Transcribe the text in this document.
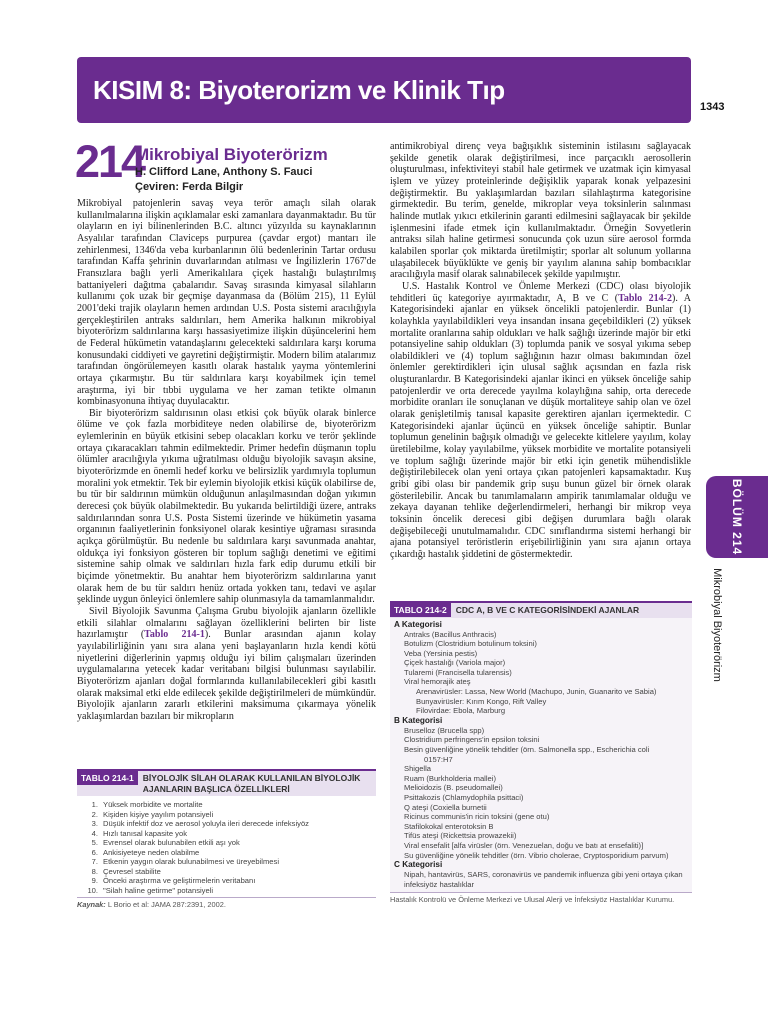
KISIM 8: Biyoterorizm ve Klinik Tıp
1343
BÖLÜM 214
Mikrobiyal Biyoterörizm
214
Mikrobiyal Biyoterörizm
H. Clifford Lane, Anthony S. Fauci
Çeviren: Ferda Bilgir

Mikrobiyal patojenlerin savaş veya terör amaçlı silah olarak kullanılmalarına ilişkin açıklamalar eski zamanlara dayanmaktadır. Bu tür olayların en iyi bilinenlerinden B.C. altıncı yüzyılda su kaynaklarının Asyalılar tarafından Claviceps purpurea (çavdar ergot) mantarı ile zehirlenmesi, 1346'da veba kurbanlarının ölü bedenlerinin Tartar ordusu tarafından Kaffa şehrinin duvarlarından atılması ve İngilizlerin 1767'de Fransızlara bağlı yerli Amerikalılara çiçek hastalığı bulaştırılmış battaniyeleri dağıtma çabalarıdır. Savaş sırasında kimyasal silahların kullanımı çok uzak bir geçmişe dayanmasa da (Bölüm 215), 11 Eylül 2001'deki trajik olayların hemen ardından U.S. Posta sistemi aracılığıyla gerçekleştirilen antraks saldırıları, hem Amerika halkının mikrobiyal biyoterörizm saldırılarına karşı hassasiyetimize ilişkin düşüncelerini hem de Federal hükümetin vatandaşlarını gelecekteki saldırılara karşı koruma konusundaki ciddiyeti ve gayretini değiştirmiştir. Modern bilim atalarımız tarafından öngörülemeyen kasıtlı olarak hastalık yayma yöntemlerini ortaya çıkarmıştır. Bu tür saldırılara karşı koyabilmek için temel araştırma, iyi bir tıbbi uygulama ve her zaman tetikte olmanın kombinasyonuna ihtiyaç duyulacaktır.

Bir biyoterörizm saldırısının olası etkisi çok büyük olarak binlerce ölüme ve çok fazla morbiditeye neden olabilirse de, biyoterörizm eylemlerinin en büyük etkisini sebep olacakları korku ve terör şeklinde ortaya çıkaracakları tahmin edilmektedir. Primer hedefin düşmanın toplu ölümler aracılığıyla yıkıma uğratılması olduğu biyolojik savaşın aksine, biyoterörizmde en önemli hedef korku ve belirsizlik yardımıyla toplumun moralini yok etmektir. Tek bir eylemin biyolojik etkisi küçük olabilirse de, bu tür bir saldırının mümkün olduğunun anlaşılmasından doğan yıkımın derecesi çok büyük olabilmektedir. Bu yukarıda belirtildiği üzere, antraks saldırılarından sonra U.S. Posta Sistemi üzerinde ve hükümetin yasama organının faaliyetlerinin fonksiyonel olarak kesintiye uğraması sırasında açıkça görülmüştür. Bu nedenle bu saldırılara karşı savunmada anahtar, oldukça iyi fonksiyon gösteren bir toplum sağlığı denetimi ve eğitimi sistemine sahip olmak ve saldırıları hızla fark edip durumu etkili bir biçimde yönetmektir. Bu anahtar hem biyoterörizm saldırılarına yanıt olarak hem de bu tür saldırı henüz ortada yokken tanı, tedavi ve aşılar şeklinde uygun önleyici önlemlere sahip olunmasıyla da tamamlanmalıdır.

Sivil Biyolojik Savunma Çalışma Grubu biyolojik ajanların özellikle etkili silahlar olmalarını sağlayan özelliklerini belirten bir liste hazırlamıştır (Tablo 214-1). Bunlar arasından ajanın kolay yayılabilirliğinin yanı sıra alana yeni başlayanların hızla kendi kötü niyetlerini diğerlerinin yapmış olduğu iyi bilim çalışmaları üzerinden uygulamalarına yetecek kadar veritabanı bilgisi bulunması sayılabilir. Biyoterörizm ajanları doğal formlarında kullanılabilecekleri gibi kasıtlı olarak maksimal etki elde edilecek şekilde değiştirilmeleri de mümkündür. Biyolojik ajanların zararlı etkilerini maksimuma çıkarmaya yönelik yaklaşımlardan bazıları bir mikropların

antimikrobiyal direnç veya bağışıklık sisteminin istilasını sağlayacak şekilde genetik olarak değiştirilmesi, ince parçacıklı aerosollerin oluşturulması, infektiviteyi stabil hale getirmek ve uzatmak için kimyasal işlem ve yüzey proteinlerinde değişiklik yaparak konak yelpazesini değiştirmektir. Bu yaklaşımlardan bazıları silahlaştırma kategorisine girmektedir. Bu terim, genelde, mikroplar veya toksinlerin salınması halinde mutlak yıkıcı etkilerinin garanti edilmesini sağlayacak bir şekilde işlenmesini ifade etmek için kullanılmaktadır. Örneğin Sovyetlerin antraksı silah haline getirmesi sonucunda çok uzun süre aerosol formda kalabilen sporlar çok miktarda üretilmiştir; sporlar alt solunum yollarına ulaşabilecek büyüklükte ve geniş bir yayılım alanına sahip bombacıklar aracılığıyla masif olarak salınabilecek şekilde yapılmıştır.

U.S. Hastalık Kontrol ve Önleme Merkezi (CDC) olası biyolojik tehditleri üç kategoriye ayırmaktadır, A, B ve C (Tablo 214-2). A Kategorisindeki ajanlar en yüksek öncelikli patojenlerdir. Bunlar (1) kolayhkla yayılabildikleri veya insandan insana geçebildikleri (2) yüksek mortalite oranlarına sahip oldukları ve halk sağlığı üzerinde majör bir etki potansiyeline sahip oldukları (3) toplumda panik ve sosyal yıkıma sebep olabildikleri ve (4) toplum sağlığının hazır olması bakımından özel önlemler gerektirdikleri için ulusal sağlık açısından en fazla risk oluşturanlardır. B Kategorisindeki ajanlar ikinci en yüksek önceliğe sahip patojenlerdir ve orta derecede yayılma kolaylığına sahip, orta derecede morbidite oranları ile sonuçlanan ve düşük mortaliteye sahip olan ve özel olarak genişletilmiş tanısal kapasite gerektiren ajanları içermektedir. C Kategorisindeki ajanlar üçüncü en yüksek önceliğe sahiptir. Bunlar toplumun genelinin bağışık olmadığı ve gelecekte kitlelere yayılım, kolay üretilebilme, kolay yayılabilme, yüksek morbidite ve mortalite potansiyeli ve toplum sağlığı üzerinde majör bir etki için genetik mühendislikle değiştirilebilecek olan yeni ortaya çıkan patojenleri kapsamaktadır. Kuş gribi gibi olası bir pandemik grip suşu bunun güzel bir örnek olarak gösterilebilir. Ancak bu tanımlamaların ampirik tanımlamalar olduğu ve zekaya dayanan tehlike değerlendirmeleri, herhangi bir mikrop veya toksinin öncelik derecesi gibi değişen durumlara bağlı olarak değişebileceği unutulmamalıdır. CDC sınıflandırma sistemi herhangi bir ajana potansiyel teröristlerin erişebilirliğinin yanı sıra ajanın ortaya çıkardığı hastalık şiddetini de göstermektedir.

TABLO 214-1	BİYOLOJİK SİLAH OLARAK KULLANILAN BİYOLOJİK AJANLARIN BAŞLICA ÖZELLİKLERİ
1. Yüksek morbidite ve mortalite
2. Kişiden kişiye yayılım potansiyeli
3. Düşük infektif doz ve aerosol yoluyla ileri derecede infeksiyöz
4. Hızlı tanısal kapasite yok
5. Evrensel olarak bulunabilen etkili aşı yok
6. Ankisiyeteye neden olabilme
7. Etkenin yaygın olarak bulunabilmesi ve üreyebilmesi
8. Çevresel stabilite
9. Önceki araştırma ve geliştirmelerin veritabanı
10. "Silah haline getirme" potansiyeli
Kaynak: L Borio et al: JAMA 287:2391, 2002.
TABLO 214-2	CDC A, B VE C KATEGORİSİNDEKİ AJANLAR
A Kategorisi
Antraks (Bacillus Anthracis)
Botulizm (Clostridium botulinum toksini)
Veba (Yersinia pestis)
Çiçek hastalığı (Variola major)
Tularemi (Francisella tularensis)
Viral hemorajik ateş
Arenavirüsler: Lassa, New World (Machupo, Junin, Guanarito ve Sabia)
Bunyavirüsler: Kırım Kongo, Rift Valley
Filovirdae: Ebola, Marburg
B Kategorisi
Bruselloz (Brucella spp)
Clostridium perfringens'in epsilon toksini
Besin güvenliğine yönelik tehditler (örn. Salmonella spp., Escherichia coli
0157:H7
Shigella
Ruam (Burkholderia mallei)
Melioidozis (B. pseudomallei)
Psittakozis (Chlamydophila psittaci)
Q ateşi (Coxiella burnetii
Ricinus communis'in ricin toksini (gene otu)
Stafilokokal enterotoksin B
Tifüs ateşi (Rickettsia prowazekii)
Viral ensefalit [alfa virüsler (örn. Venezuelan, doğu ve batı at ensefaliti)]
Su güvenliğine yönelik tehditler (örn. Vibrio cholerae, Cryptosporidium parvum)
C Kategorisi
Nipah, hantavirüs, SARS, coronavirüs ve pandemik influenza gibi yeni ortaya çıkan
infeksiyöz hastalıklar
Hastalık Kontrolü ve Önleme Merkezi ve Ulusal Alerji ve İnfeksiyöz Hastalıklar Kurumu.
